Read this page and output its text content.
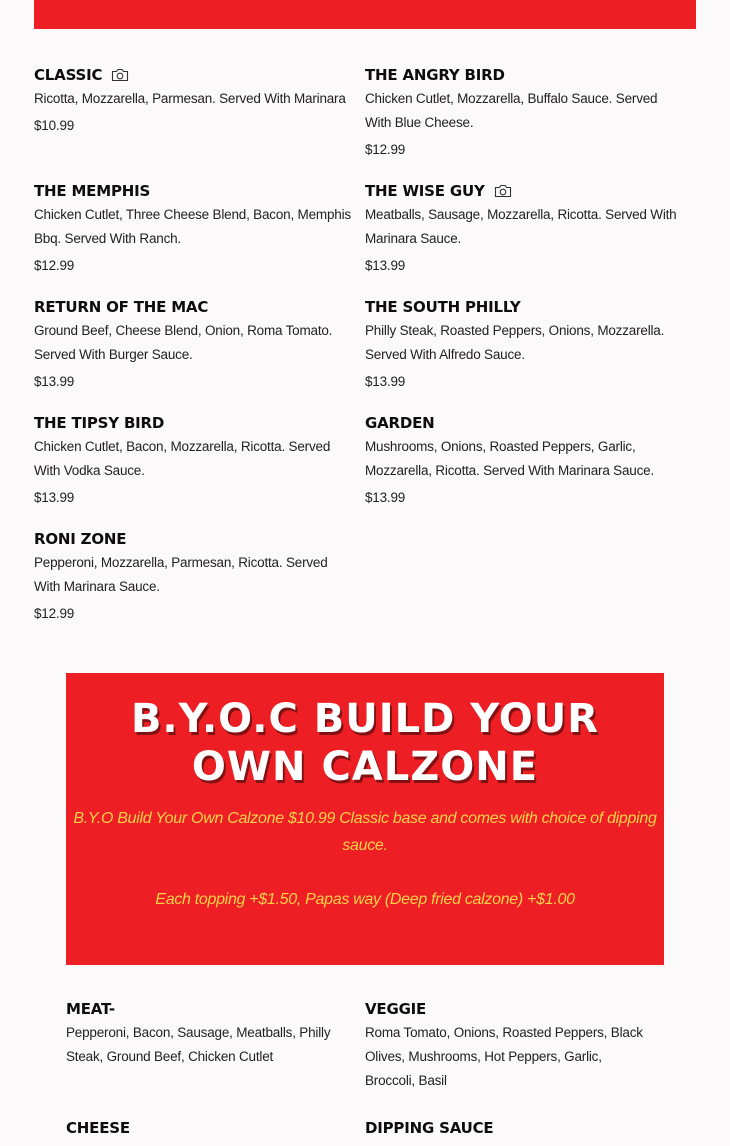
CLASSIC
Ricotta, Mozzarella, Parmesan. Served With Marinara
$10.99
THE ANGRY BIRD
Chicken Cutlet, Mozzarella, Buffalo Sauce. Served With Blue Cheese.
$12.99
THE MEMPHIS
Chicken Cutlet, Three Cheese Blend, Bacon, Memphis Bbq. Served With Ranch.
$12.99
THE WISE GUY
Meatballs, Sausage, Mozzarella, Ricotta. Served With Marinara Sauce.
$13.99
RETURN OF THE MAC
Ground Beef, Cheese Blend, Onion, Roma Tomato. Served With Burger Sauce.
$13.99
THE SOUTH PHILLY
Philly Steak, Roasted Peppers, Onions, Mozzarella. Served With Alfredo Sauce.
$13.99
THE TIPSY BIRD
Chicken Cutlet, Bacon, Mozzarella, Ricotta. Served With Vodka Sauce.
$13.99
GARDEN
Mushrooms, Onions, Roasted Peppers, Garlic, Mozzarella, Ricotta. Served With Marinara Sauce.
$13.99
RONI ZONE
Pepperoni, Mozzarella, Parmesan, Ricotta. Served With Marinara Sauce.
$12.99
B.Y.O.C BUILD YOUR OWN CALZONE
B.Y.O Build Your Own Calzone $10.99 Classic base and comes with choice of dipping sauce.
Each topping +$1.50, Papas way (Deep fried calzone) +$1.00
MEAT-
Pepperoni, Bacon, Sausage, Meatballs, Philly Steak, Ground Beef, Chicken Cutlet
VEGGIE
Roma Tomato, Onions, Roasted Peppers, Black Olives, Mushrooms, Hot Peppers, Garlic, Broccoli, Basil
CHEESE	DIPPING SAUCE
